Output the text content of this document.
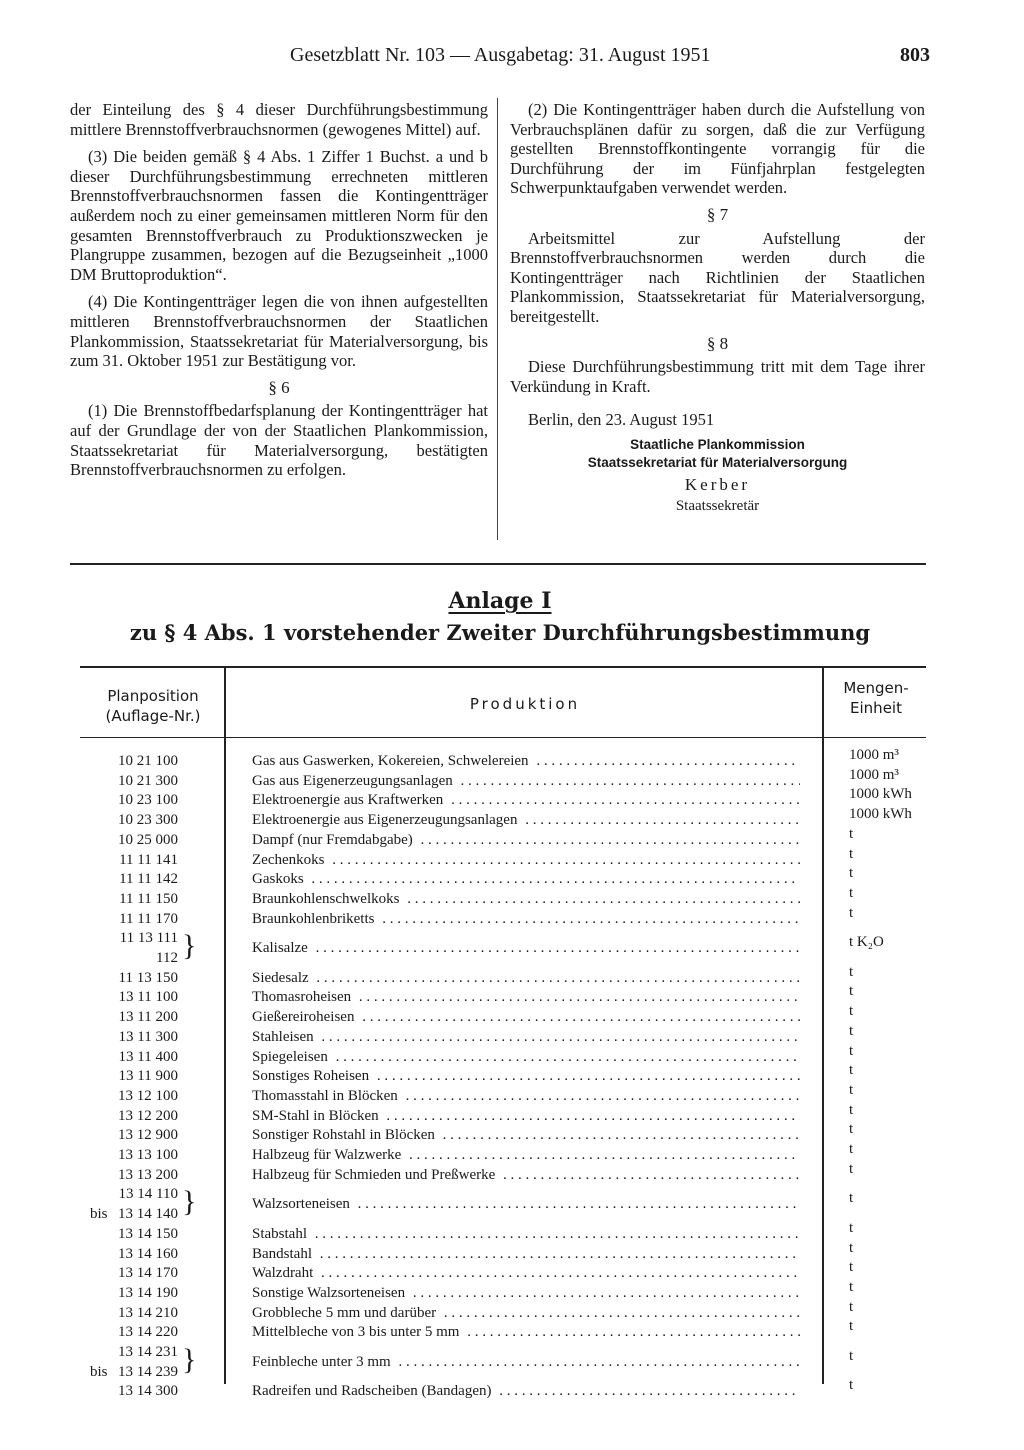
Gesetzblatt Nr. 103 — Ausgabetag: 31. August 1951	803

der Einteilung des § 4 dieser Durchführungsbestimmung mittlere Brennstoffverbrauchsnormen (gewogenes Mittel) auf.

(3) Die beiden gemäß § 4 Abs. 1 Ziffer 1 Buchst. a und b dieser Durchführungsbestimmung errechneten mittleren Brennstoffverbrauchsnormen fassen die Kontingentträger außerdem noch zu einer gemeinsamen mittleren Norm für den gesamten Brennstoffverbrauch zu Produktionszwecken je Plangruppe zusammen, bezogen auf die Bezugseinheit „1000 DM Bruttoproduktion“.

(4) Die Kontingentträger legen die von ihnen aufgestellten mittleren Brennstoffverbrauchsnormen der Staatlichen Plankommission, Staatssekretariat für Materialversorgung, bis zum 31. Oktober 1951 zur Bestätigung vor.

§ 6

(1) Die Brennstoffbedarfsplanung der Kontingentträger hat auf der Grundlage der von der Staatlichen Plankommission, Staatssekretariat für Materialversorgung, bestätigten Brennstoffverbrauchsnormen zu erfolgen.

(2) Die Kontingentträger haben durch die Aufstellung von Verbrauchsplänen dafür zu sorgen, daß die zur Verfügung gestellten Brennstoffkontingente vorrangig für die Durchführung der im Fünfjahrplan festgelegten Schwerpunktaufgaben verwendet werden.

§ 7

Arbeitsmittel zur Aufstellung der Brennstoffverbrauchsnormen werden durch die Kontingentträger nach Richtlinien der Staatlichen Plankommission, Staatssekretariat für Materialversorgung, bereitgestellt.

§ 8

Diese Durchführungsbestimmung tritt mit dem Tage ihrer Verkündung in Kraft.

Berlin, den 23. August 1951

Staatliche Plankommission
Staatssekretariat für Materialversorgung
Kerber
Staatssekretär
Anlage I
zu § 4 Abs. 1 vorstehender Zweiter Durchführungsbestimmung
Planposition
(Auflage-Nr.)
Produktion
Mengen-
Einheit
10 21 100	Gas aus Gaswerken, Kokereien, Schwelereien . . .	1000 m³
10 21 300	Gas aus Eigenerzeugungsanlagen . . .	1000 m³
10 23 100	Elektroenergie aus Kraftwerken . . .	1000 kWh
10 23 300	Elektroenergie aus Eigenerzeugungsanlagen . . .	1000 kWh
10 25 000	Dampf (nur Fremdabgabe) . . .	t
11 11 141	Zechenkoks . . .	t
11 11 142	Gaskoks . . .	t
11 11 150	Braunkohlenschwelkoks . . .	t
11 11 170	Braunkohlenbriketts . . .	t
11 13 111
112 }	Kalisalze . . .	t K₂O
11 13 150	Siedesalz . . .	t
13 11 100	Thomasroheisen . . .	t
13 11 200	Gießereiroheisen . . .	t
13 11 300	Stahleisen . . .	t
13 11 400	Spiegeleisen . . .	t
13 11 900	Sonstiges Roheisen . . .	t
13 12 100	Thomasstahl in Blöcken . . .	t
13 12 200	SM-Stahl in Blöcken . . .	t
13 12 900	Sonstiger Rohstahl in Blöcken . . .	t
13 13 100	Halbzeug für Walzwerke . . .	t
13 13 200	Halbzeug für Schmieden und Preßwerke . . .	t
13 14 110
13 14 140
bis }	Walzsorteneisen . . .	t
13 14 150	Stabstahl . . .	t
13 14 160	Bandstahl . . .	t
13 14 170	Walzdraht . . .	t
13 14 190	Sonstige Walzsorteneisen . . .	t
13 14 210	Grobbleche 5 mm und darüber . . .	t
13 14 220	Mittelbleche von 3 bis unter 5 mm . . .	t
13 14 231
13 14 239
bis }	Feinbleche unter 3 mm . . .	t
13 14 300	Radreifen und Radscheiben (Bandagen) . . .	t
